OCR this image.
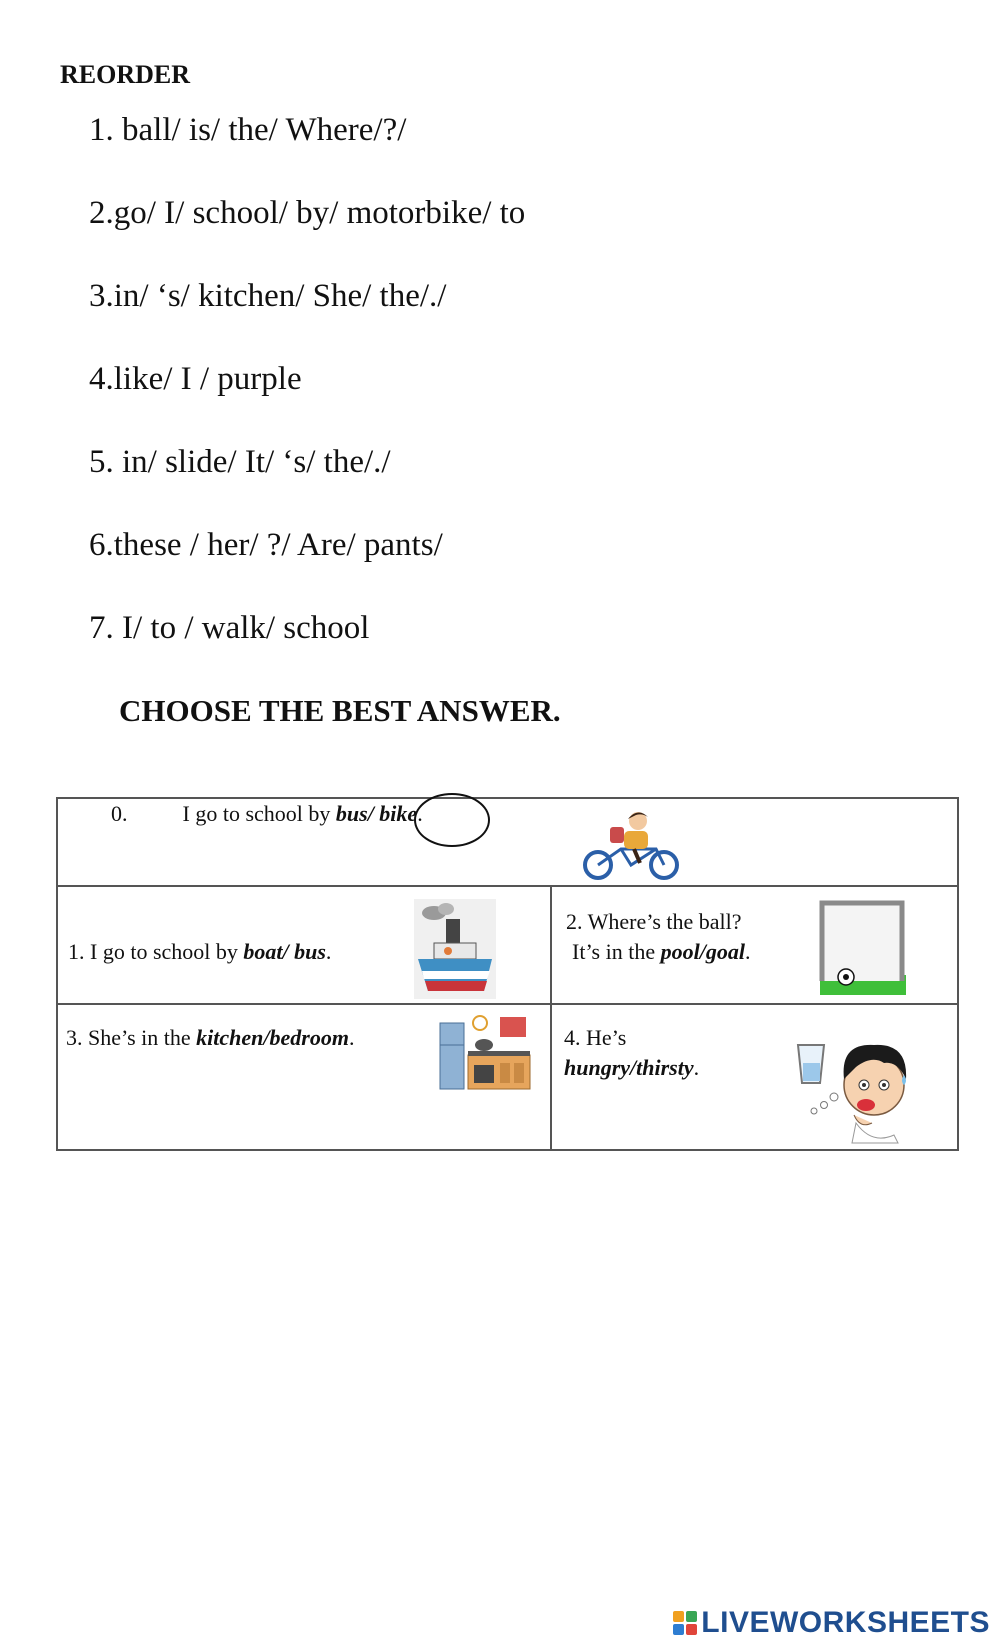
REORDER
1. ball/ is/ the/ Where/?/
2.go/ I/ school/ by/ motorbike/ to
3.in/ ‘s/ kitchen/ She/ the/./
4.like/ I / purple
5. in/ slide/ It/ ‘s/ the/./
6.these / her/ ?/ Are/ pants/
7. I/ to / walk/ school
CHOOSE THE BEST ANSWER.
0.	I go to school by bus/ bike.
1. I go to school by boat/ bus.
2. Where’s the ball?
It’s in the pool/goal.
3. She’s in the kitchen/bedroom.	4. He’s
hungry/thirsty.
LIVEWORKSHEETS
